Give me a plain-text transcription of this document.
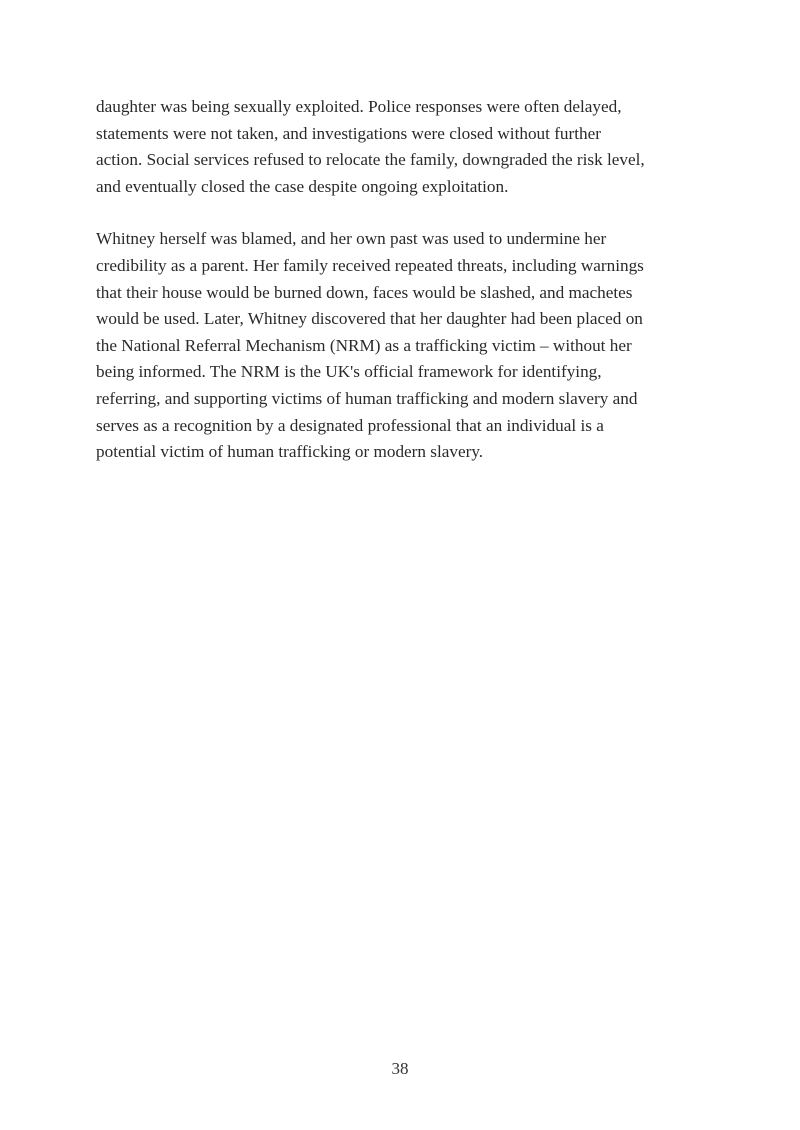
daughter was being sexually exploited. Police responses were often delayed,
statements were not taken, and investigations were closed without further
action. Social services refused to relocate the family, downgraded the risk level,
and eventually closed the case despite ongoing exploitation.
Whitney herself was blamed, and her own past was used to undermine her
credibility as a parent. Her family received repeated threats, including warnings
that their house would be burned down, faces would be slashed, and machetes
would be used. Later, Whitney discovered that her daughter had been placed on
the National Referral Mechanism (NRM) as a trafficking victim – without her
being informed. The NRM is the UK's official framework for identifying,
referring, and supporting victims of human trafficking and modern slavery and
serves as a recognition by a designated professional that an individual is a
potential victim of human trafficking or modern slavery.
38
